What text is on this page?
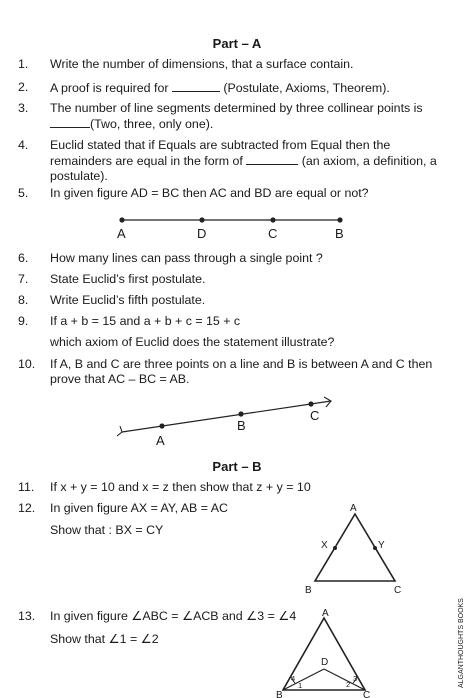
Part – A
1.	Write the number of dimensions, that a surface contain.
2.	A proof is required for	(Postulate, Axioms, Theorem).
3.	The number of line segments determined by three collinear points is
(Two, three, only one).
4.	Euclid stated that if Equals are subtracted from Equal then the
remainders are equal in the form of	(an axiom, a definition, a
postulate).
5.	In given figure AD = BC then AC and BD are equal or not?
A	D	C	B
6.	How many lines can pass through a single point ?
7.	State Euclid’s first postulate.
8.	Write Euclid’s fifth postulate.
9.	If a + b = 15 and a + b + c = 15 + c
which axiom of Euclid does the statement illustrate?
10.	If A, B and C are three points on a line and B is between A and C then
prove that AC – BC = AB.
A
B
C
Part – B
11.	If x + y = 10 and x = z then show that z + y = 10
12.	In given figure AX = AY, AB = AC
Show that : BX = CY
A
X	Y
B	C
13.	In given figure ∠ABC = ∠ACB and ∠3 = ∠4
Show that ∠1 = ∠2
A
D
B	C
1	2
3
4	ALGANTHOUGHTS BOOKS
